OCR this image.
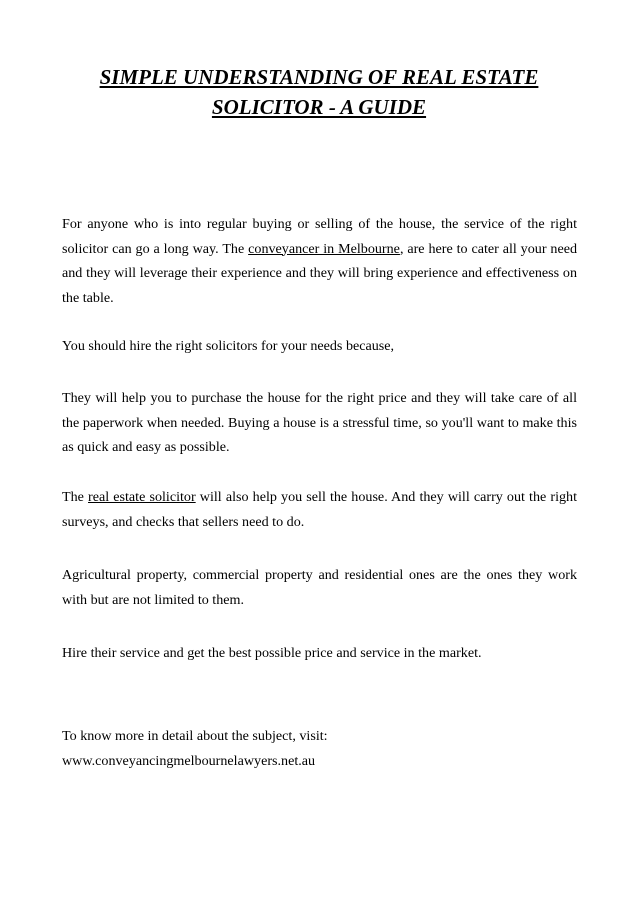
SIMPLE UNDERSTANDING OF REAL ESTATE
SOLICITOR - A GUIDE

For anyone who is into regular buying or selling of the house, the service of the right solicitor can go a long way. The conveyancer in Melbourne, are here to cater all your need and they will leverage their experience and they will bring experience and effectiveness on the table.

You should hire the right solicitors for your needs because,

They will help you to purchase the house for the right price and they will take care of all the paperwork when needed. Buying a house is a stressful time, so you'll want to make this as quick and easy as possible.

The real estate solicitor will also help you sell the house. And they will carry out the right surveys, and checks that sellers need to do.

Agricultural property, commercial property and residential ones are the ones they work with but are not limited to them.

Hire their service and get the best possible price and service in the market.

To know more in detail about the subject, visit:
www.conveyancingmelbournelawyers.net.au
